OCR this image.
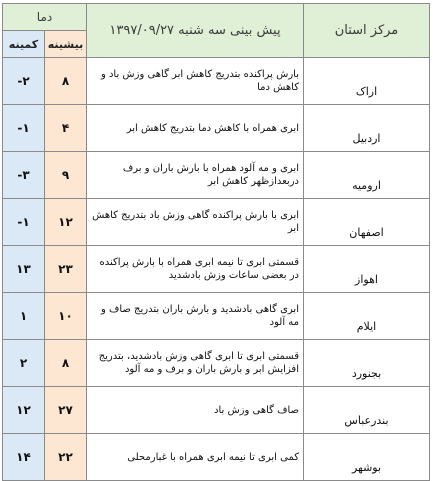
دما		پیش بینی سه شنبه ۱۳۹۷/۰۹/۲۷	مرکز استان
کمینه	بیشینه		
-۲	۸	بارش پراکنده بتدریج کاهش ابر گاهی وزش باد و کاهش دما	اراک
-۱	۴	ابری همراه با کاهش دما بتدریج کاهش ابر	اردبیل
-۳	۹	ابری و مه آلود همراه با بارش باران و برف دربعدازظهر کاهش ابر	ارومیه
-۱	۱۲	ابری با بارش پراکنده گاهی وزش باد بتدریج کاهش ابر	اصفهان
۱۳	۲۳	قسمتی ابری تا نیمه ابری همراه با بارش پراکنده در بعضی ساعات وزش بادشدید	اهواز
۱	۱۰	ابری گاهی بادشدید و بارش باران بتدریج صاف و مه آلود	ایلام
۲	۸	قسمتی ابری تا ابری گاهی وزش بادشدید، بتدریج افزایش ابر و بارش باران و برف و مه آلود	بجنورد
۱۲	۲۷	صاف گاهی وزش باد	بندرعباس
۱۴	۲۲	کمی ابری تا نیمه ابری همراه با غبارمحلی	بوشهر
